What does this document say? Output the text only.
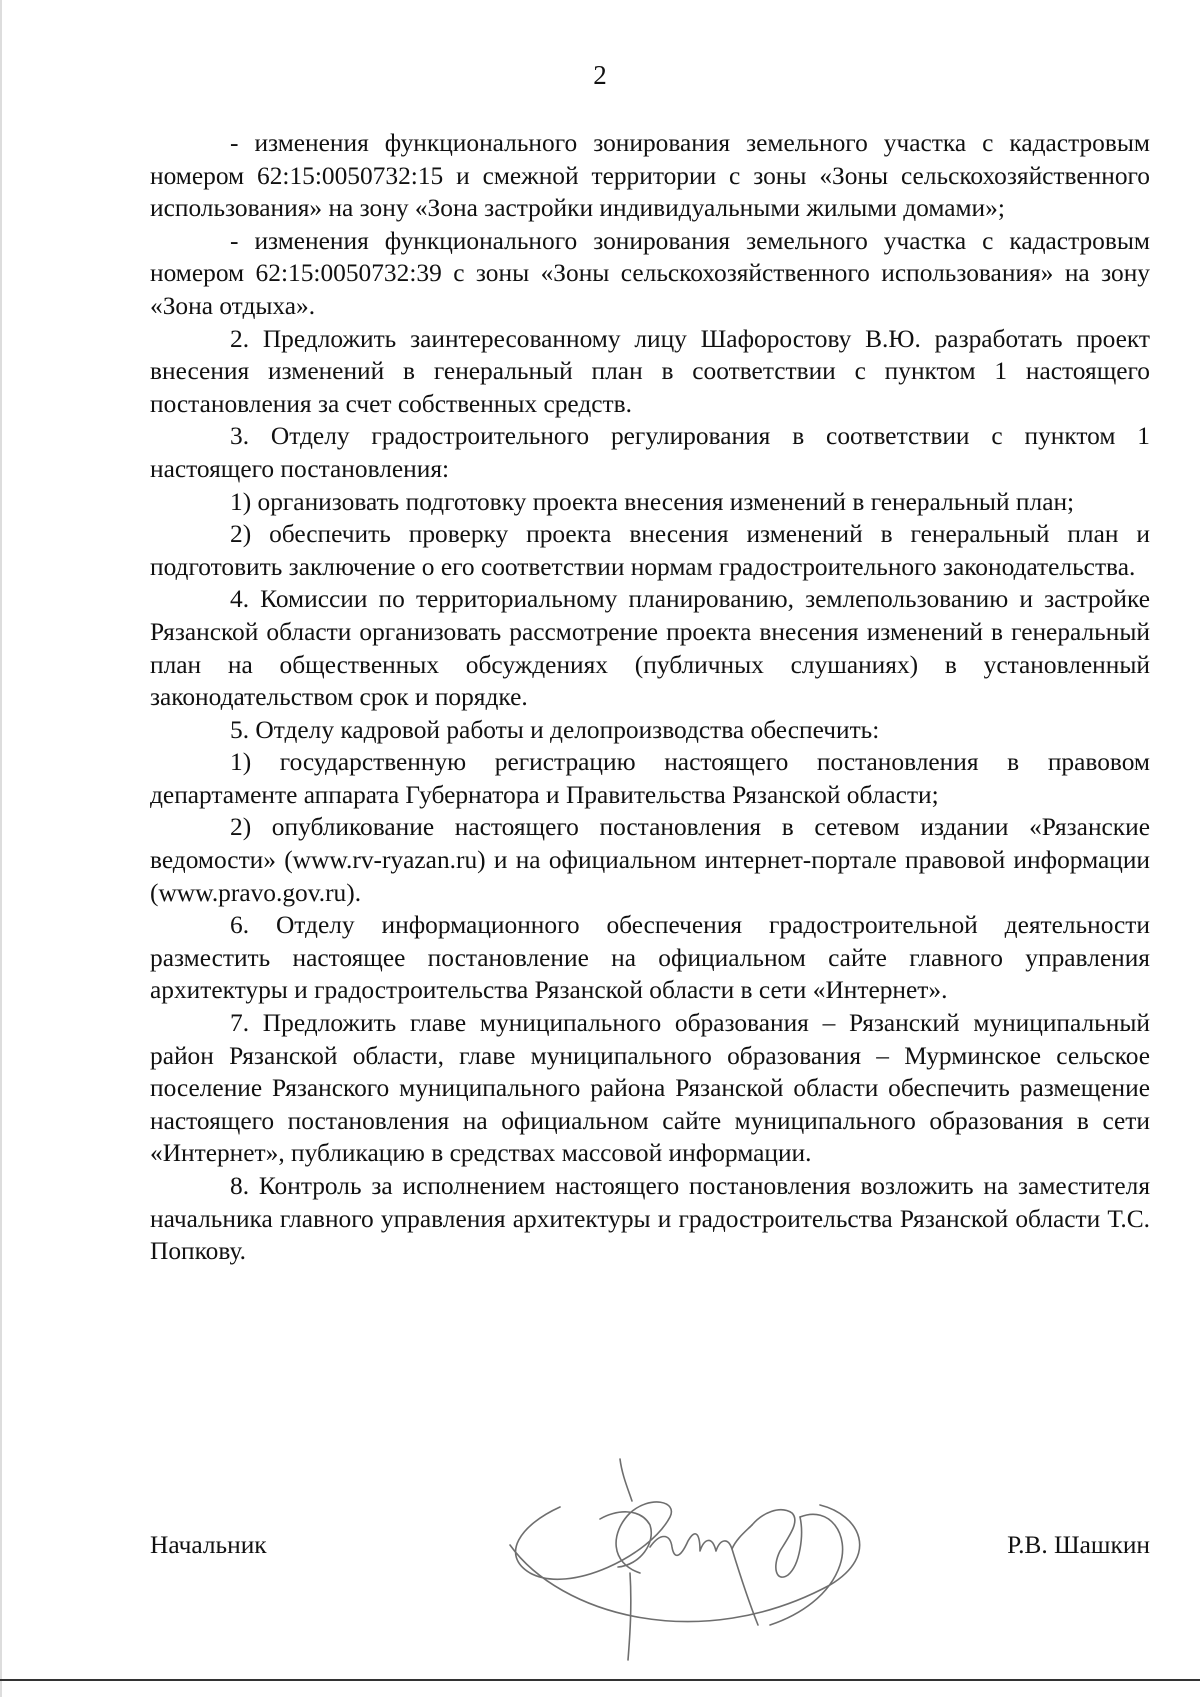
2

- изменения функционального зонирования земельного участка с кадастровым номером 62:15:0050732:15 и смежной территории с зоны «Зоны сельскохозяйственного использования» на зону «Зона застройки индивидуальными жилыми домами»;

- изменения функционального зонирования земельного участка с кадастровым номером 62:15:0050732:39 с зоны «Зоны сельскохозяйственного использования» на зону «Зона отдыха».

2. Предложить заинтересованному лицу Шафоростову В.Ю. разработать проект внесения изменений в генеральный план в соответствии с пунктом 1 настоящего постановления за счет собственных средств.

3. Отделу градостроительного регулирования в соответствии с пунктом 1 настоящего постановления:

1) организовать подготовку проекта внесения изменений в генеральный план;

2) обеспечить проверку проекта внесения изменений в генеральный план и подготовить заключение о его соответствии нормам градостроительного законодательства.

4. Комиссии по территориальному планированию, землепользованию и застройке Рязанской области организовать рассмотрение проекта внесения изменений в генеральный план на общественных обсуждениях (публичных слушаниях) в установленный законодательством срок и порядке.

5. Отделу кадровой работы и делопроизводства обеспечить:

1) государственную регистрацию настоящего постановления в правовом департаменте аппарата Губернатора и Правительства Рязанской области;

2) опубликование настоящего постановления в сетевом издании «Рязанские ведомости» (www.rv-ryazan.ru) и на официальном интернет-портале правовой информации (www.pravo.gov.ru).

6. Отделу информационного обеспечения градостроительной деятельности разместить настоящее постановление на официальном сайте главного управления архитектуры и градостроительства Рязанской области в сети «Интернет».

7. Предложить главе муниципального образования – Рязанский муниципальный район Рязанской области, главе муниципального образования – Мурминское сельское поселение Рязанского муниципального района Рязанской области обеспечить размещение настоящего постановления на официальном сайте муниципального образования в сети «Интернет», публикацию в средствах массовой информации.

8. Контроль за исполнением настоящего постановления возложить на заместителя начальника главного управления архитектуры и градостроительства Рязанской области Т.С. Попкову.

Начальник	Р.В. Шашкин
